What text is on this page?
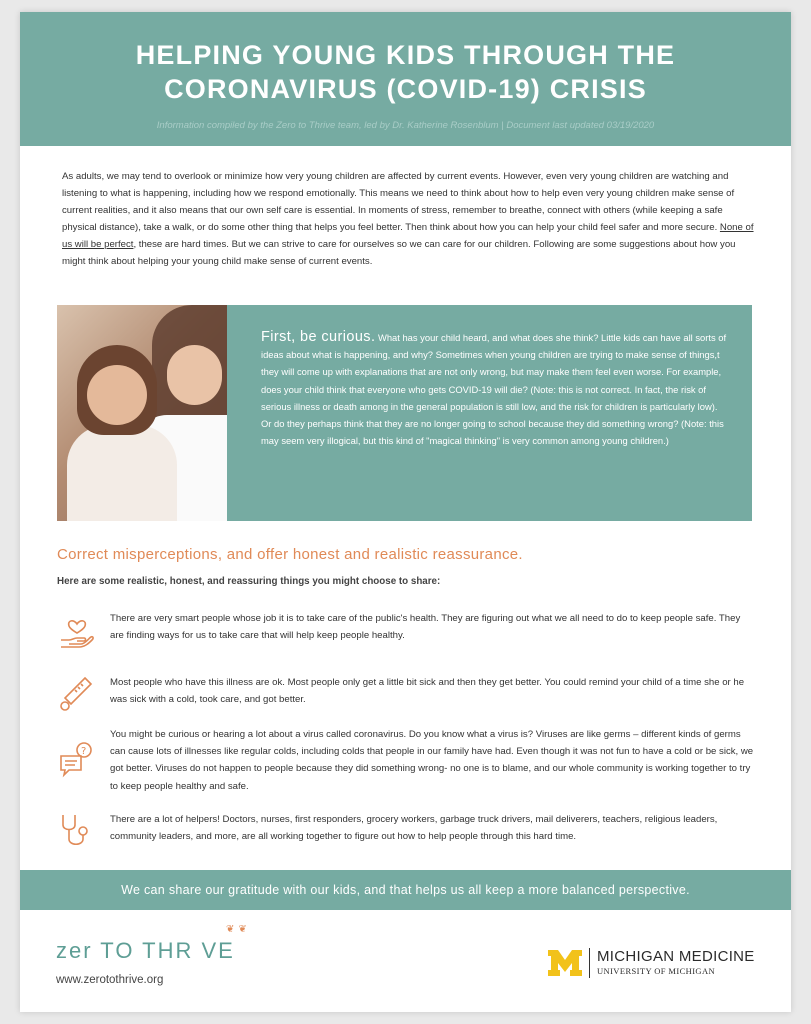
HELPING YOUNG KIDS THROUGH THE
CORONAVIRUS (COVID-19) CRISIS
Information compiled by the Zero to Thrive team, led by Dr. Katherine Rosenblum | Document last updated 03/19/2020
As adults, we may tend to overlook or minimize how very young children are affected by current events. However, even very young children are watching and listening to what is happening, including how we respond emotionally. This means we need to think about how to help even very young children make sense of current realities, and it also means that our own self care is essential. In moments of stress, remember to breathe, connect with others (while keeping a safe physical distance), take a walk, or do some other thing that helps you feel better. Then think about how you can help your child feel safer and more secure. None of us will be perfect, these are hard times. But we can strive to care for ourselves so we can care for our children. Following are some suggestions about how you might think about helping your young child make sense of current events.
First, be curious. What has your child heard, and what does she think? Little kids can have all sorts of ideas about what is happening, and why? Sometimes when young children are trying to make sense of things,t they will come up with explanations that are not only wrong, but may make them feel even worse. For example, does your child think that everyone who gets COVID-19 will die? (Note: this is not correct. In fact, the risk of serious illness or death among in the general population is still low, and the risk for children is particularly low). Or do they perhaps think that they are no longer going to school because they did something wrong? (Note: this may seem very illogical, but this kind of "magical thinking" is very common among young children.)
Correct misperceptions, and offer honest and realistic reassurance.
Here are some realistic, honest, and reassuring things you might choose to share:
There are very smart people whose job it is to take care of the public's health. They are figuring out what we all need to do to keep people safe. They are finding ways for us to take care that will help keep people healthy.
Most people who have this illness are ok. Most people only get a little bit sick and then they get better. You could remind your child of a time she or he was sick with a cold, took care, and got better.
?
You might be curious or hearing a lot about a virus called coronavirus. Do you know what a virus is? Viruses are like germs – different kinds of germs can cause lots of illnesses like regular colds, including colds that people in our family have had. Even though it was not fun to have a cold or be sick, we got better. Viruses do not happen to people because they did something wrong- no one is to blame, and our whole community is working together to try to keep people healthy and safe.
There are a lot of helpers! Doctors, nurses, first responders, grocery workers, garbage truck drivers, mail deliverers, teachers, religious leaders, community leaders, and more, are all working together to figure out how to help people through this hard time.
We can share our gratitude with our kids, and that helps us all keep a more balanced perspective.
zer TO THR VE
❦❦
www.zerotothrive.org
MICHIGAN MEDICINE
UNIVERSITY OF MICHIGAN
